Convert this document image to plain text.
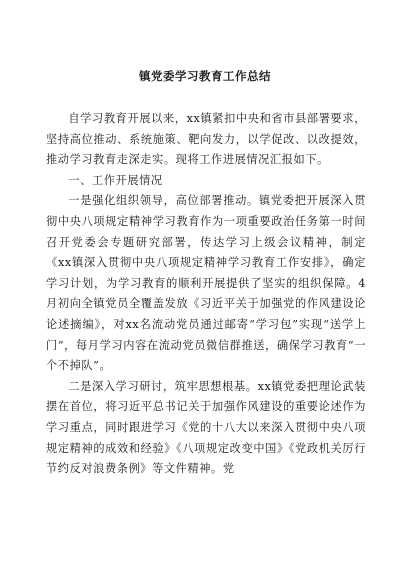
镇党委学习教育工作总结

自学习教育开展以来，xx镇紧扣中央和省市县部署要求，坚持高位推动、系统施策、靶向发力，以学促改、以改提效，推动学习教育走深走实。现将工作进展情况汇报如下。

一、工作开展情况

一是强化组织领导，高位部署推动。镇党委把开展深入贯彻中央八项规定精神学习教育作为一项重要政治任务第一时间召开党委会专题研究部署，传达学习上级会议精神，制定《xx镇深入贯彻中央八项规定精神学习教育工作安排》，确定学习计划，为学习教育的顺利开展提供了坚实的组织保障。4月初向全镇党员全覆盖发放《习近平关于加强党的作风建设论论述摘编》，对xx名流动党员通过邮寄“学习包”实现“送学上门”，每月学习内容在流动党员微信群推送，确保学习教育“一个不掉队”。

二是深入学习研讨，筑牢思想根基。xx镇党委把理论武装摆在首位，将习近平总书记关于加强作风建设的重要论述作为学习重点，同时跟进学习《党的十八大以来深入贯彻中央八项规定精神的成效和经验》《八项规定改变中国》《党政机关厉行节约反对浪费条例》等文件精神。党
